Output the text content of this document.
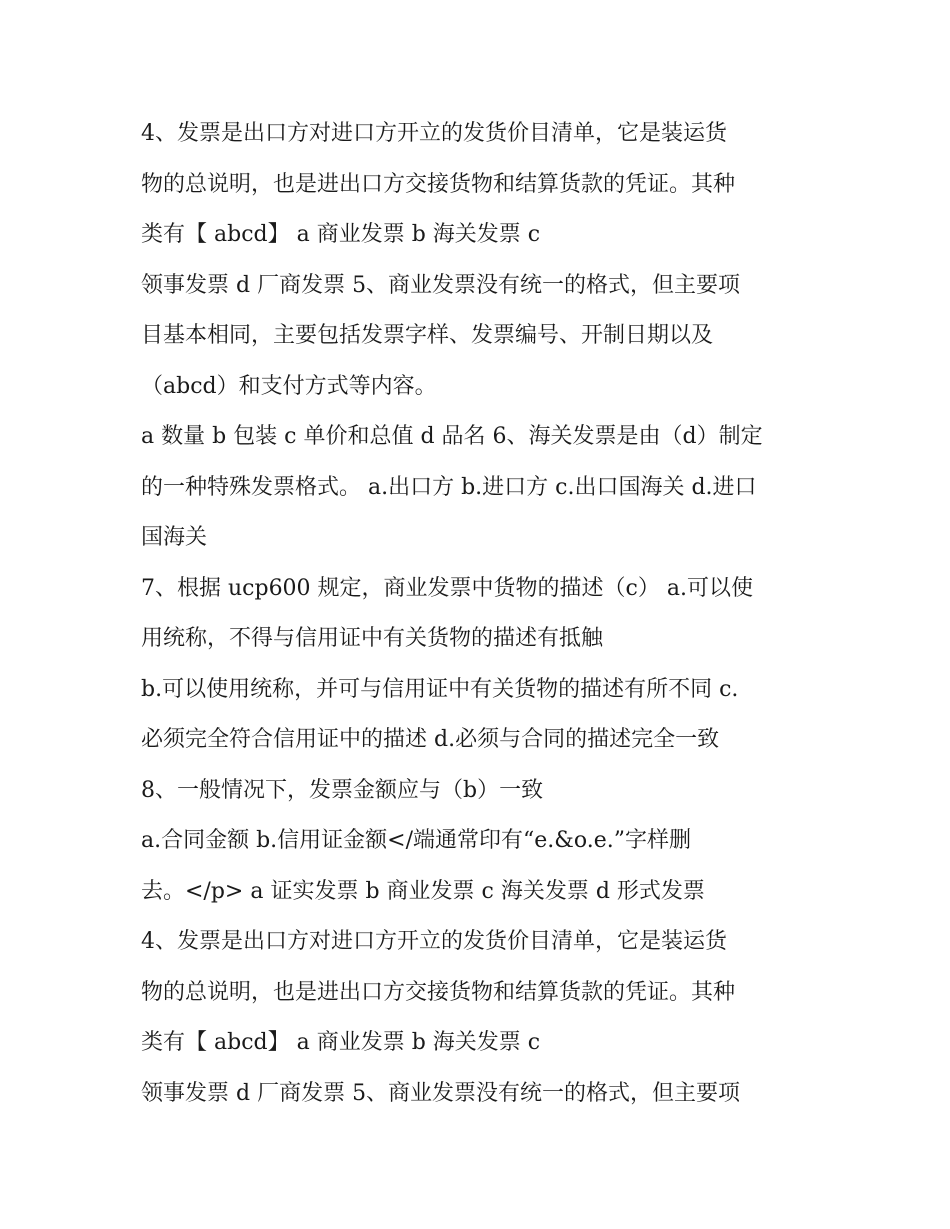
4、发票是出口方对进口方开立的发货价目清单，它是装运货
物的总说明，也是进出口方交接货物和结算货款的凭证。其种
类有【 abcd】 a 商业发票 b 海关发票 c
领事发票 d 厂商发票 5、商业发票没有统一的格式，但主要项
目基本相同，主要包括发票字样、发票编号、开制日期以及
（abcd）和支付方式等内容。
a 数量 b 包装 c 单价和总值 d 品名 6、海关发票是由（d）制定
的一种特殊发票格式。 a.出口方 b.进口方 c.出口国海关 d.进口
国海关
7、根据 ucp600 规定，商业发票中货物的描述（c） a.可以使
用统称，不得与信用证中有关货物的描述有抵触
b.可以使用统称，并可与信用证中有关货物的描述有所不同 c.
必须完全符合信用证中的描述 d.必须与合同的描述完全一致
8、一般情况下，发票金额应与（b）一致
a.合同金额 b.信用证金额</端通常印有“e.&o.e.”字样删
去。</p> a 证实发票 b 商业发票 c 海关发票 d 形式发票
4、发票是出口方对进口方开立的发货价目清单，它是装运货
物的总说明，也是进出口方交接货物和结算货款的凭证。其种
类有【 abcd】 a 商业发票 b 海关发票 c
领事发票 d 厂商发票 5、商业发票没有统一的格式，但主要项
